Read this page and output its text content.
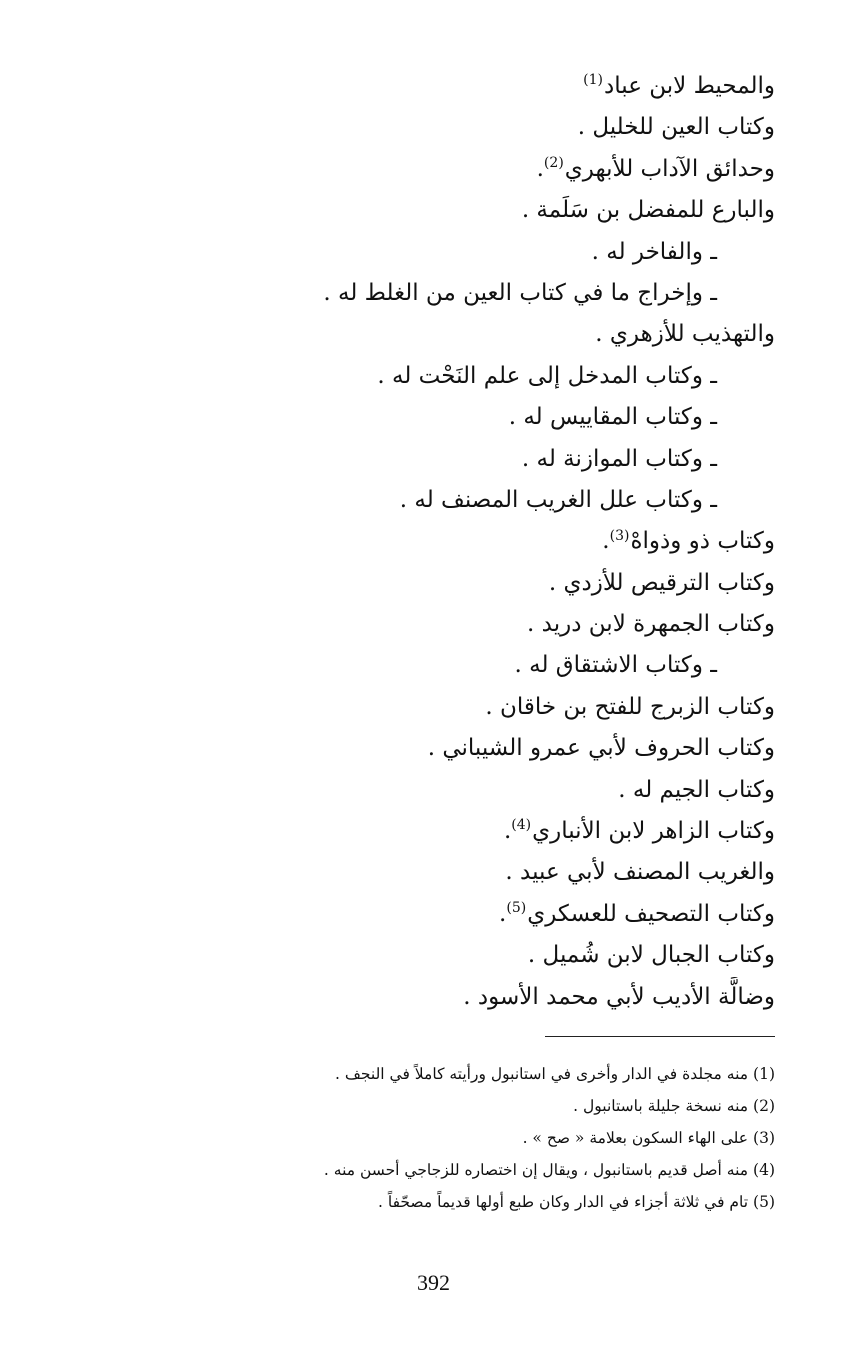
والمحيط لابن عباد$^{(1)}$
وكتاب العين للخليل .
وحدائق الآداب للأبهري$^{(2)}$.
والبارع للمفضل بن سَلَمة .
ـ والفاخر له .
ـ وإخراج ما في كتاب العين من الغلط له .
والتهذيب للأزهري .
ـ وكتاب المدخل إلى علم النَحْت له .
ـ وكتاب المقاييس له .
ـ وكتاب الموازنة له .
ـ وكتاب علل الغريب المصنف له .
وكتاب ذو وذواهْ$^{(3)}$.
وكتاب الترقيص للأزدي .
وكتاب الجمهرة لابن دريد .
ـ وكتاب الاشتقاق له .
وكتاب الزبرج للفتح بن خاقان .
وكتاب الحروف لأبي عمرو الشيباني .
وكتاب الجيم له .
وكتاب الزاهر لابن الأنباري$^{(4)}$.
والغريب المصنف لأبي عبيد .
وكتاب التصحيف للعسكري$^{(5)}$.
وكتاب الجبال لابن شُميل .
وضالَّة الأديب لأبي محمد الأسود .
(1) منه مجلدة في الدار وأخرى في استانبول ورأيته كاملاً في النجف .
(2) منه نسخة جليلة باستانبول .
(3) على الهاء السكون بعلامة « صح » .
(4) منه أصل قديم باستانبول ، ويقال إن اختصاره للزجاجي أحسن منه .
(5) تام في ثلاثة أجزاء في الدار وكان طبع أولها قديماً مصحّفاً .
392
